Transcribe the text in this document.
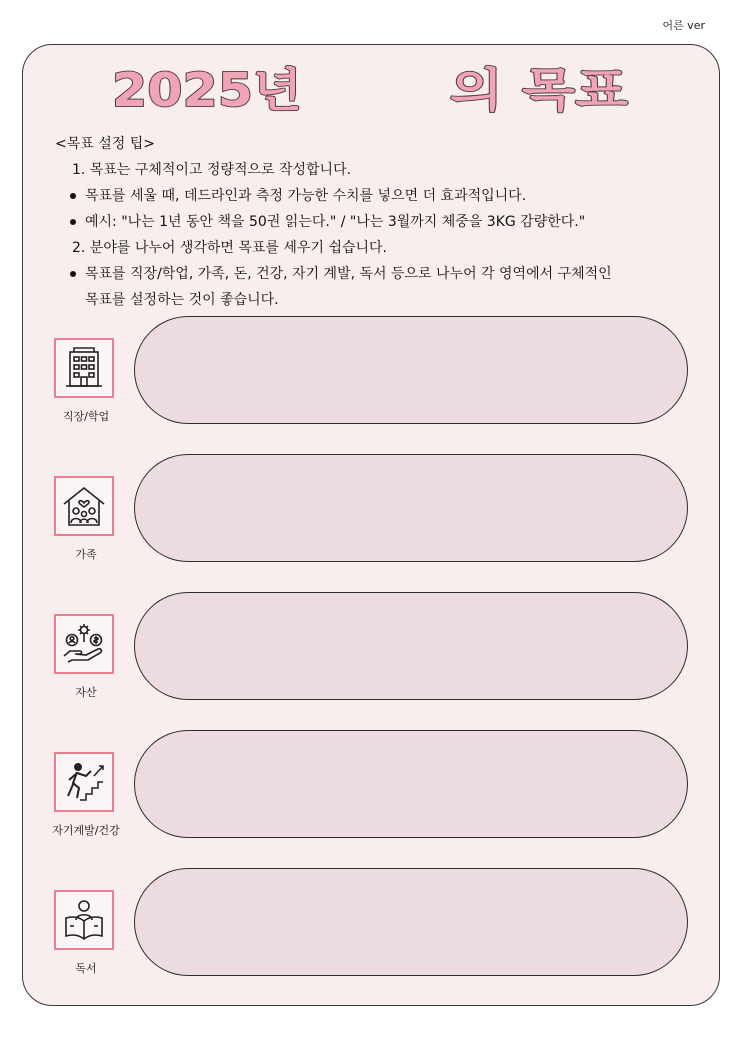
어른 ver
2025년	의 목표
<목표 설정 팁>
1. 목표는 구체적이고 정량적으로 작성합니다.
목표를 세울 때, 데드라인과 측정 가능한 수치를 넣으면 더 효과적입니다.
예시: "나는 1년 동안 책을 50권 읽는다." / "나는 3월까지 체중을 3KG 감량한다."
2. 분야를 나누어 생각하면 목표를 세우기 쉽습니다.
목표를 직장/학업, 가족, 돈, 건강, 자기 계발, 독서 등으로 나누어 각 영역에서 구체적인
목표를 설정하는 것이 좋습니다.
직장/학업
가족
자산
자기계발/건강
독서
